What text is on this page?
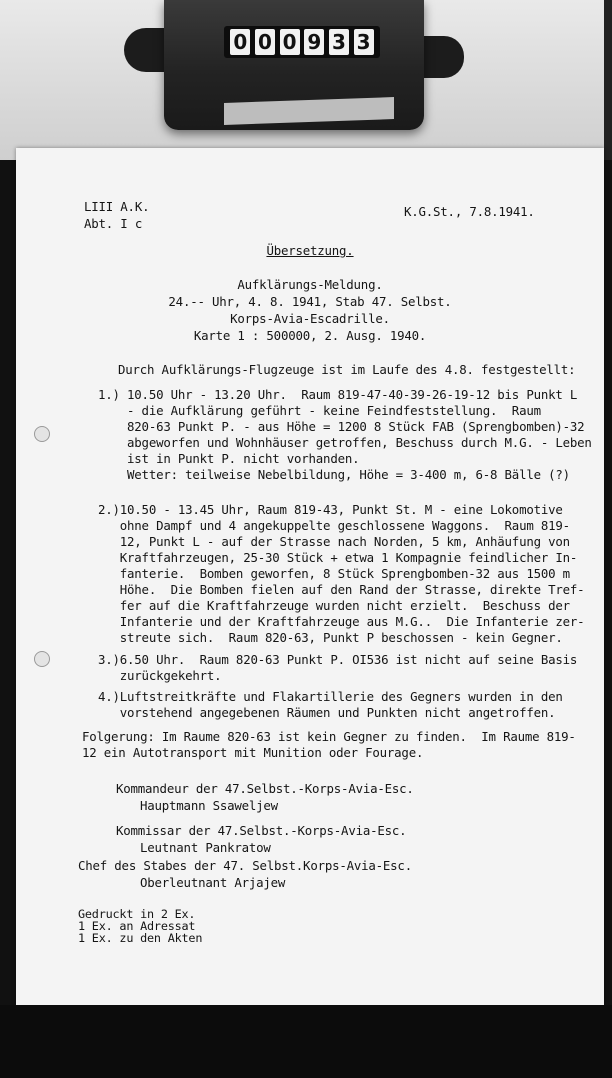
0 0 0 9 3 3
LIII A.K.
Abt. I c
K.G.St., 7.8.1941.
Übersetzung.
Aufklärungs-Meldung.
24.-- Uhr, 4. 8. 1941, Stab 47. Selbst.
Korps-Avia-Escadrille.
Karte 1 : 500000, 2. Ausg. 1940.
Durch Aufklärungs-Flugzeuge ist im Laufe des 4.8. festgestellt:
1.) 10.50 Uhr - 13.20 Uhr.  Raum 819-47-40-39-26-19-12 bis Punkt L
- die Aufklärung geführt - keine Feindfeststellung.  Raum
820-63 Punkt P. - aus Höhe = 1200 8 Stück FAB (Sprengbomben)-32
abgeworfen und Wohnhäuser getroffen, Beschuss durch M.G. - Leben
ist in Punkt P. nicht vorhanden.
Wetter: teilweise Nebelbildung, Höhe = 3-400 m, 6-8 Bälle (?)
2.)10.50 - 13.45 Uhr, Raum 819-43, Punkt St. M - eine Lokomotive
ohne Dampf und 4 angekuppelte geschlossene Waggons.  Raum 819-
12, Punkt L - auf der Strasse nach Norden, 5 km, Anhäufung von
Kraftfahrzeugen, 25-30 Stück + etwa 1 Kompagnie feindlicher In-
fanterie.  Bomben geworfen, 8 Stück Sprengbomben-32 aus 1500 m
Höhe.  Die Bomben fielen auf den Rand der Strasse, direkte Tref-
fer auf die Kraftfahrzeuge wurden nicht erzielt.  Beschuss der
Infanterie und der Kraftfahrzeuge aus M.G..  Die Infanterie zer-
streute sich.  Raum 820-63, Punkt P beschossen - kein Gegner.
3.)6.50 Uhr.  Raum 820-63 Punkt P. OI536 ist nicht auf seine Basis
zurückgekehrt.
4.)Luftstreitkräfte und Flakartillerie des Gegners wurden in den
vorstehend angegebenen Räumen und Punkten nicht angetroffen.
Folgerung: Im Raume 820-63 ist kein Gegner zu finden.  Im Raume 819-
12 ein Autotransport mit Munition oder Fourage.
Kommandeur der 47.Selbst.-Korps-Avia-Esc.
Hauptmann Ssaweljew
Kommissar der 47.Selbst.-Korps-Avia-Esc.
Leutnant Pankratow
Chef des Stabes der 47. Selbst.Korps-Avia-Esc.
Oberleutnant Arjajew
Gedruckt in 2 Ex.
1 Ex. an Adressat
1 Ex. zu den Akten
